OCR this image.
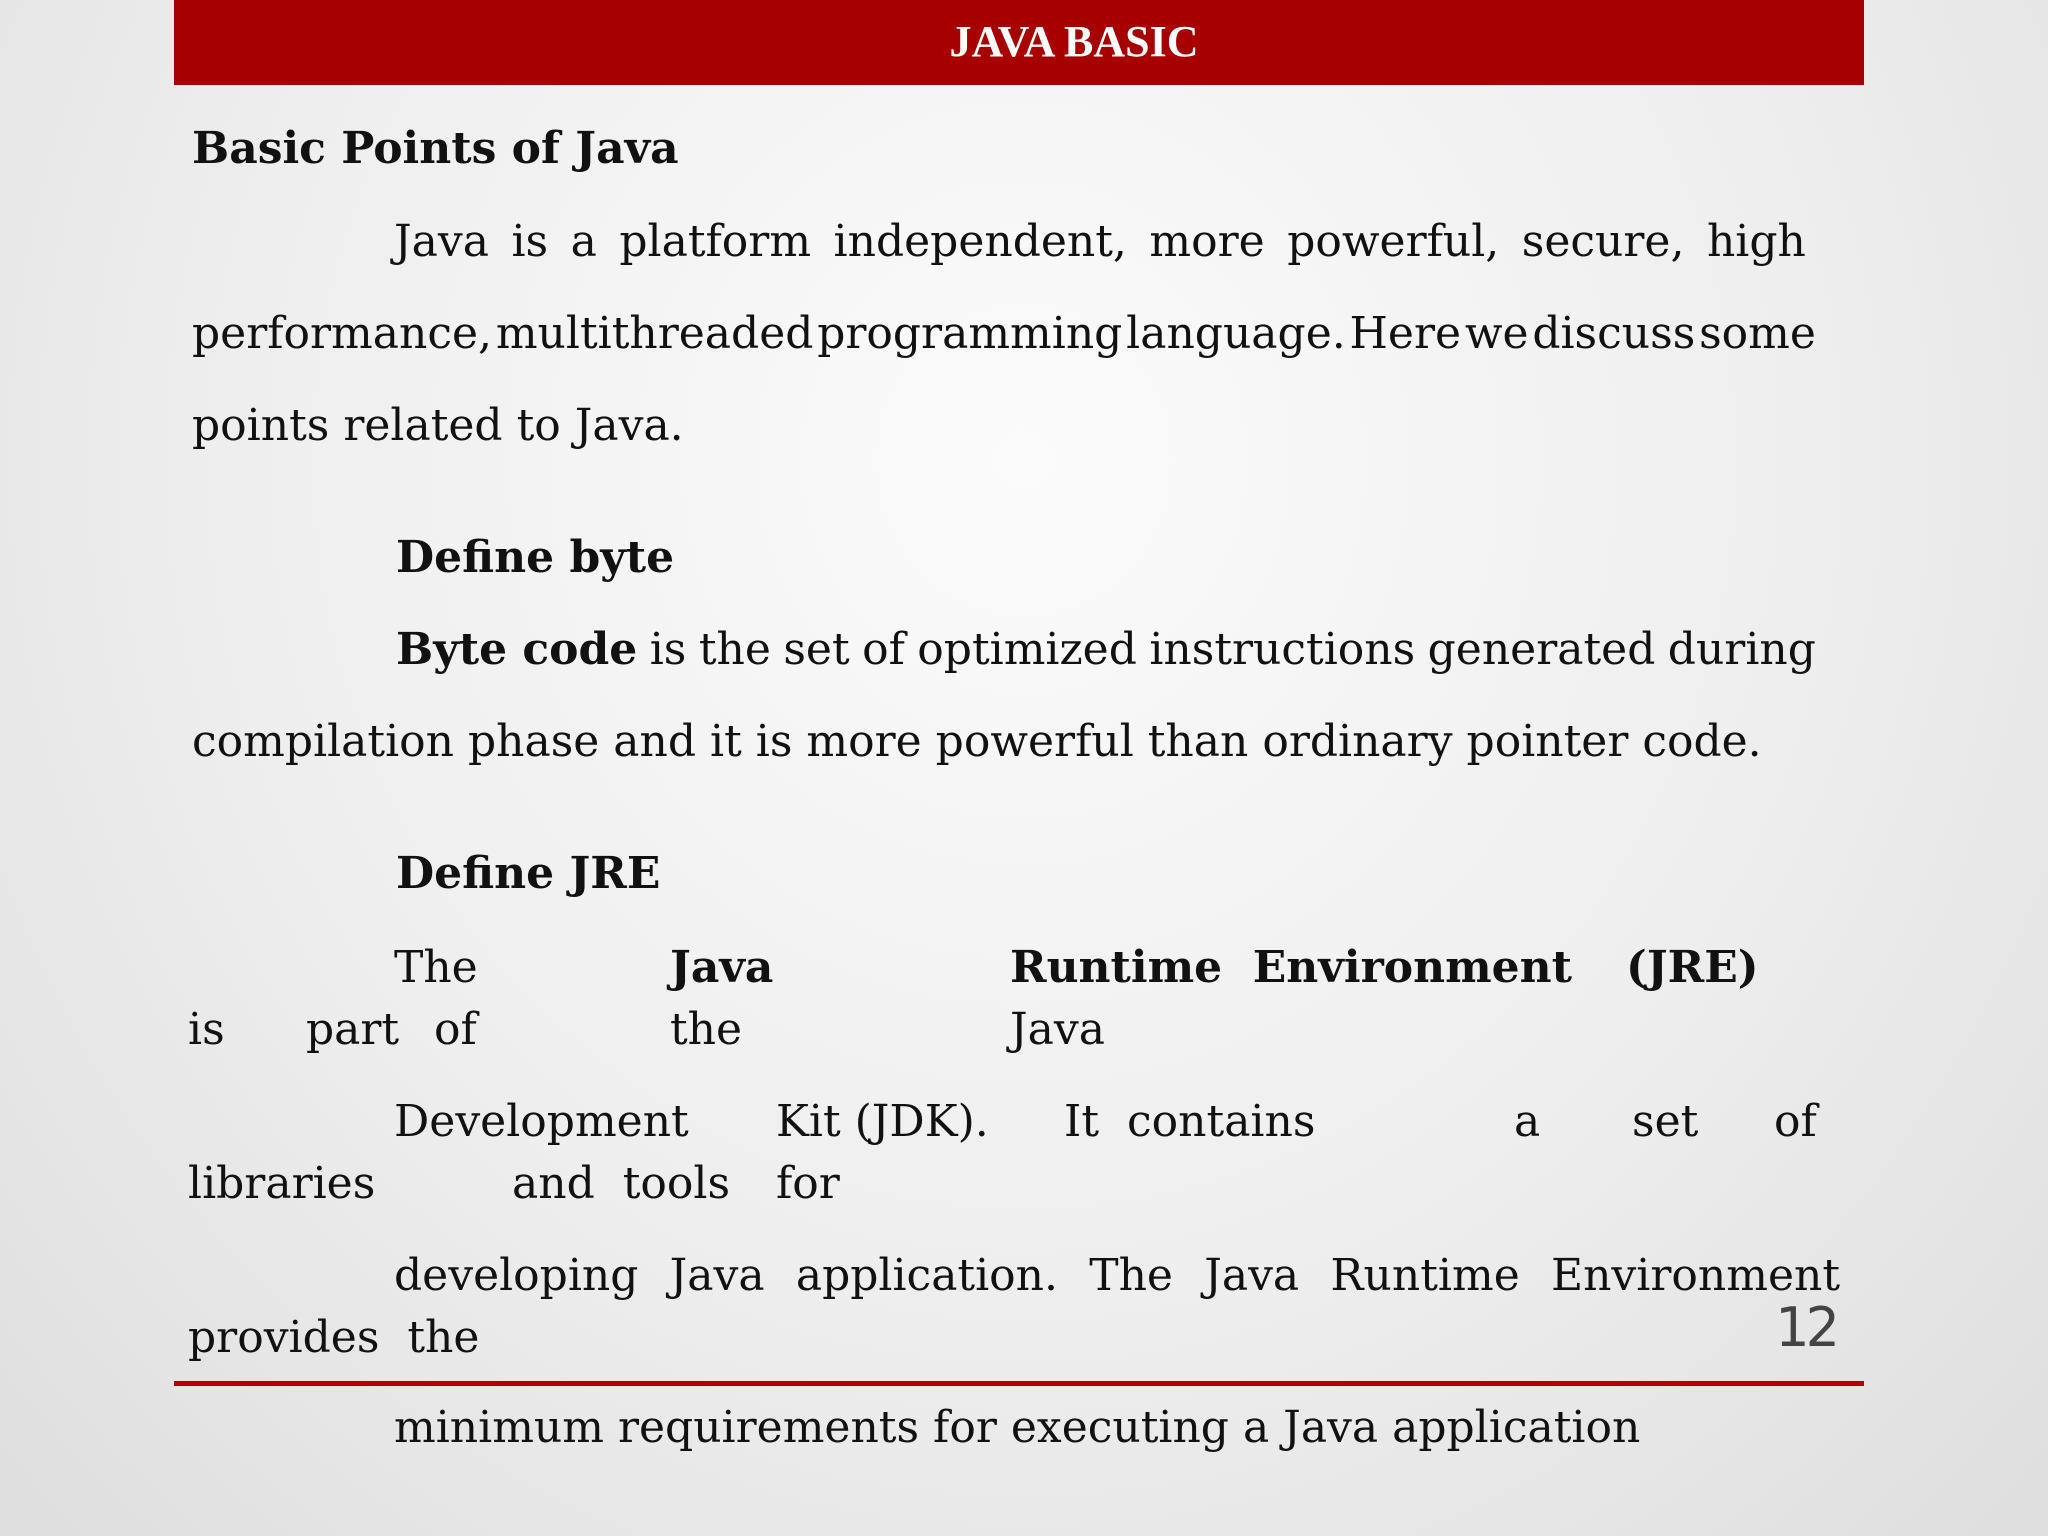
JAVA BASIC
Basic Points of Java
Java is a platform independent, more powerful, secure, high
performance, multithreaded programming language. Here we discuss some
points related to Java.
Define byte
Byte code is the set of optimized instructions generated during
compilation phase and it is more powerful than ordinary pointer code.
Define JRE
The	Java	Runtime  Environment (JRE)
is part of	the	Java
Development Kit (JDK). It  contains	a set of
libraries	and  tools for
developing Java application. The Java Runtime Environment
provides  the	12
minimum requirements for executing a Java application
